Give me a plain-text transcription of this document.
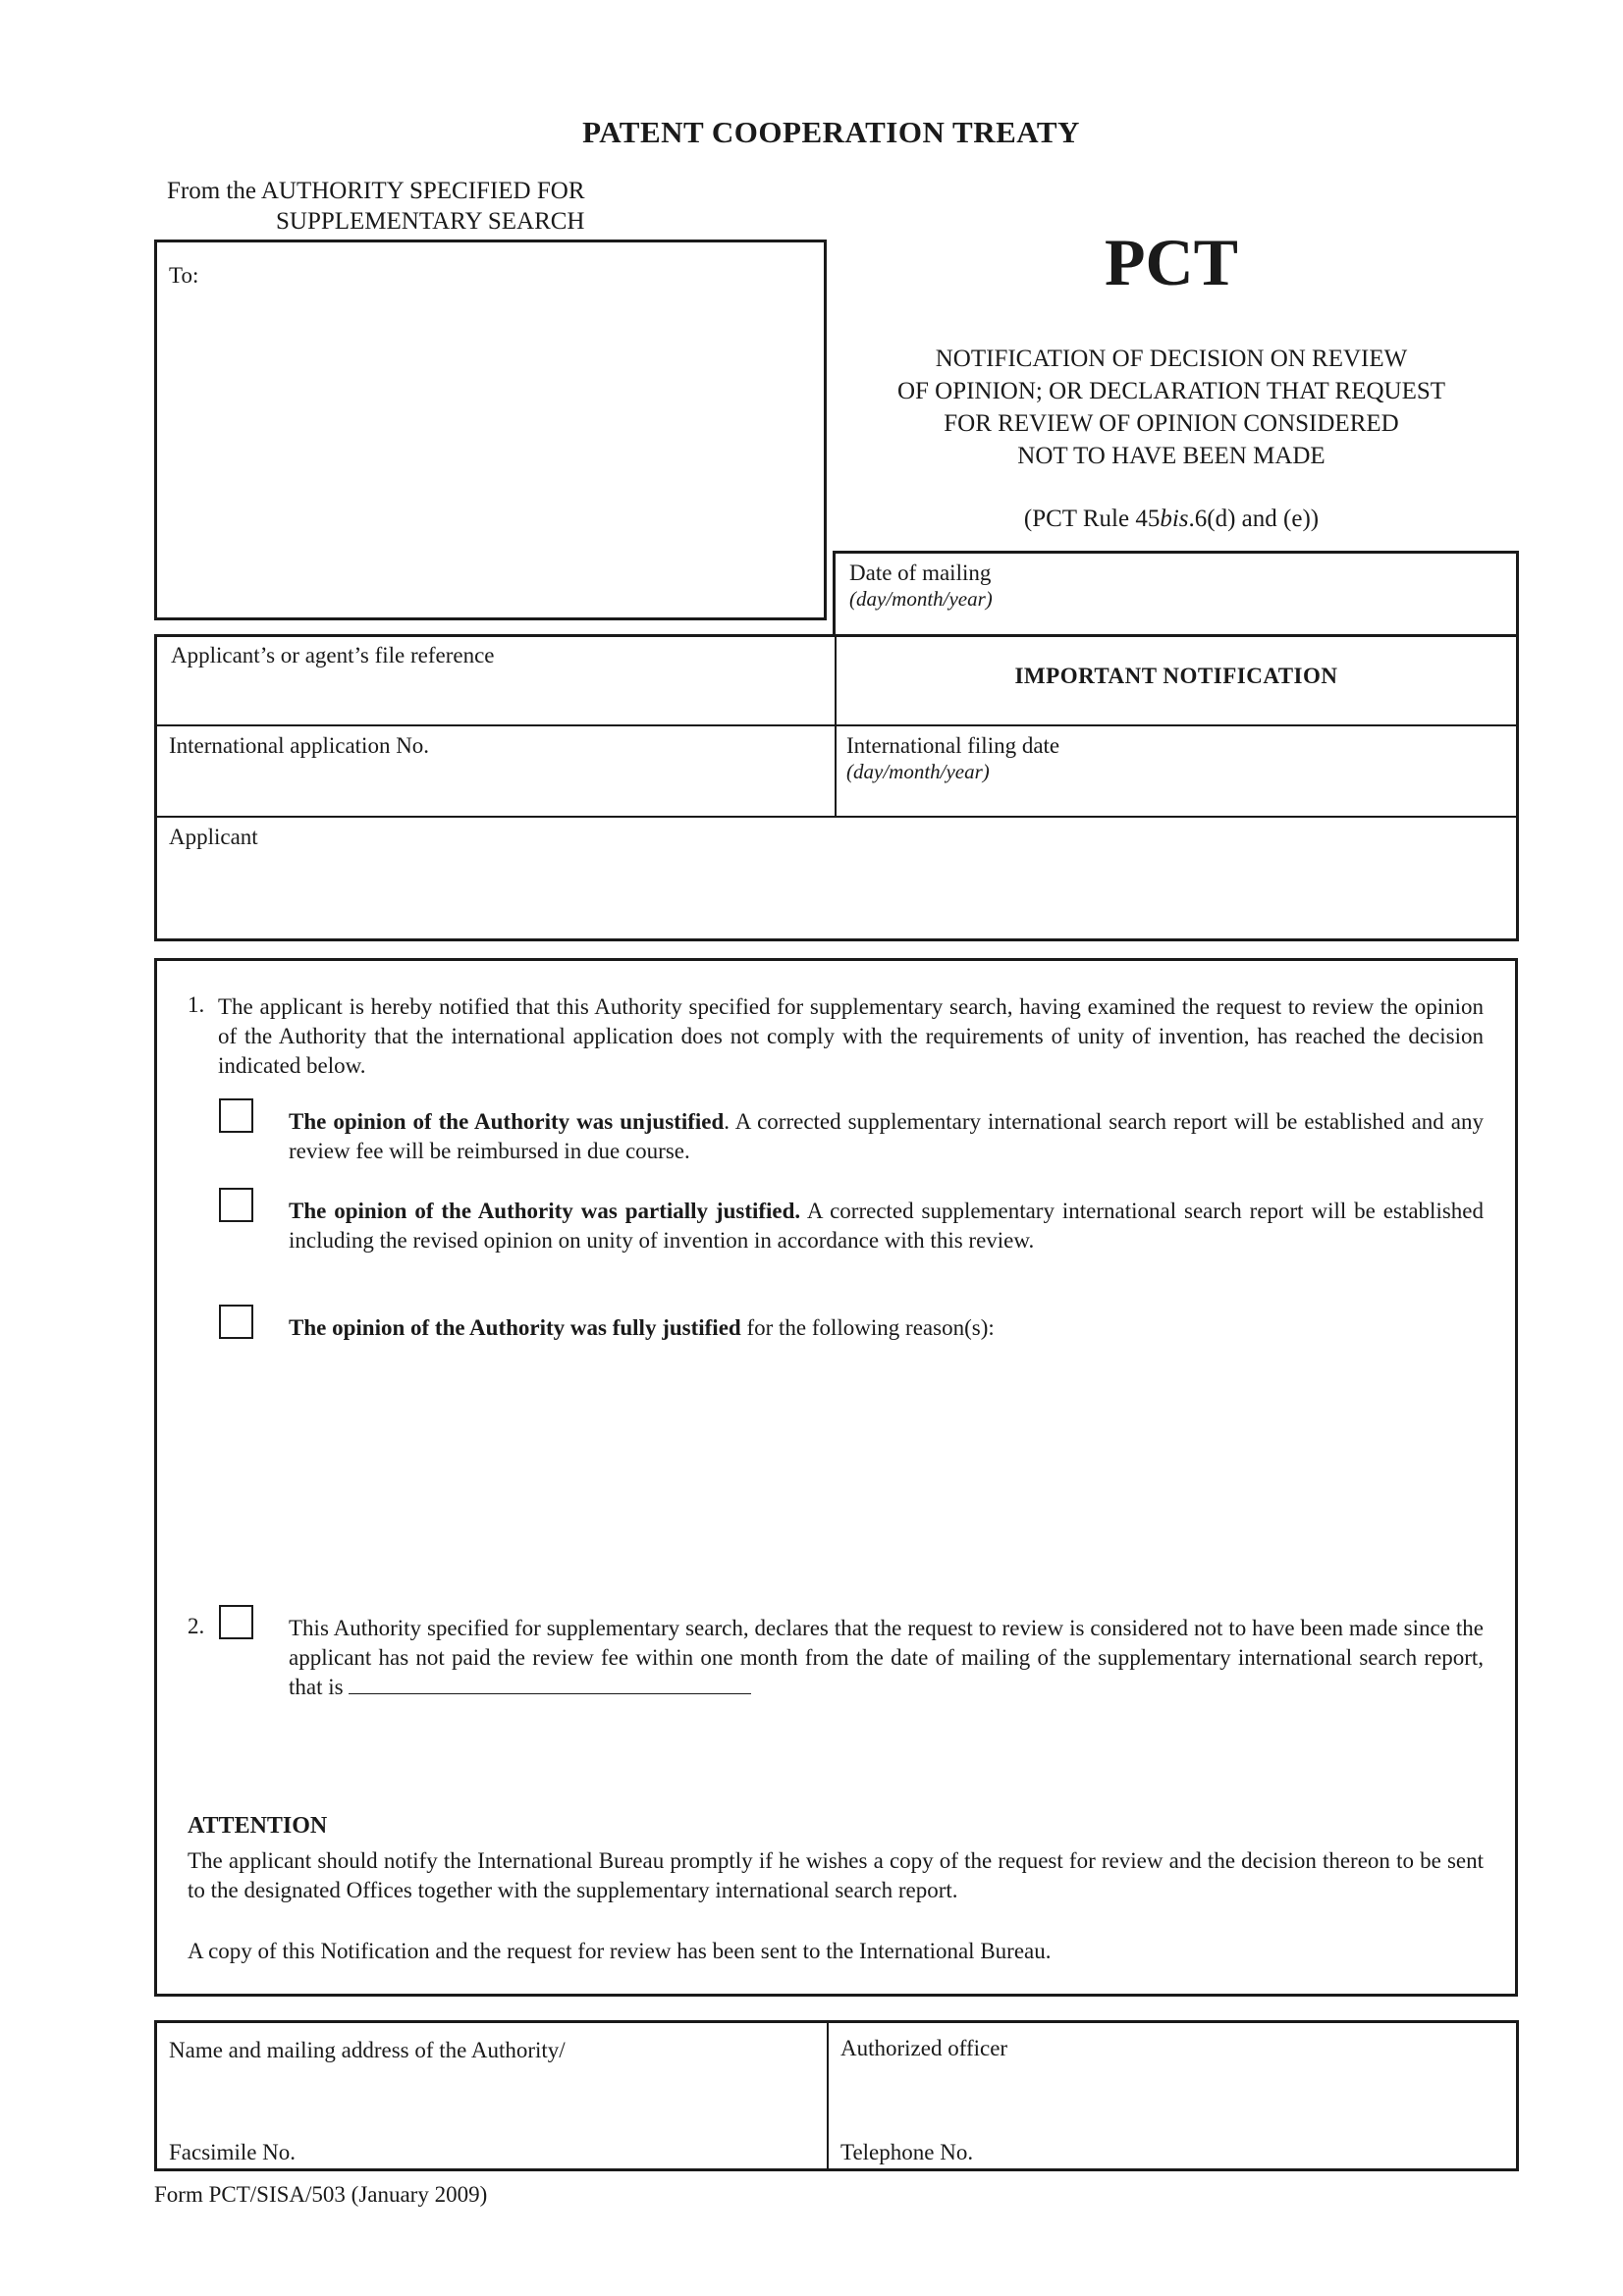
PATENT COOPERATION TREATY
From the AUTHORITY SPECIFIED FOR
SUPPLEMENTARY SEARCH
To:	PCT
NOTIFICATION OF DECISION ON REVIEW
OF OPINION; OR DECLARATION THAT REQUEST
FOR REVIEW OF OPINION CONSIDERED
NOT TO HAVE BEEN MADE
(PCT Rule 45bis.6(d) and (e))
Date of mailing
(day/month/year)
Applicant’s or agent’s file reference
IMPORTANT NOTIFICATION
International application No.	International filing date
(day/month/year)
Applicant
1. The applicant is hereby notified that this Authority specified for supplementary search, having examined the request to review the opinion of the Authority that the international application does not comply with the requirements of unity of invention, has reached the decision indicated below.
The opinion of the Authority was unjustified. A corrected supplementary international search report will be established and any review fee will be reimbursed in due course.
The opinion of the Authority was partially justified. A corrected supplementary international search report will be established including the revised opinion on unity of invention in accordance with this review.
The opinion of the Authority was fully justified for the following reason(s):
2.	This Authority specified for supplementary search, declares that the request to review is considered not to have been made since the applicant has not paid the review fee within one month from the date of mailing of the supplementary international search report, that is
ATTENTION
The applicant should notify the International Bureau promptly if he wishes a copy of the request for review and the decision thereon to be sent to the designated Offices together with the supplementary international search report.
A copy of this Notification and the request for review has been sent to the International Bureau.
Name and mailing address of the Authority/
Facsimile No.
Authorized officer
Telephone No.
Form PCT/SISA/503 (January 2009)
